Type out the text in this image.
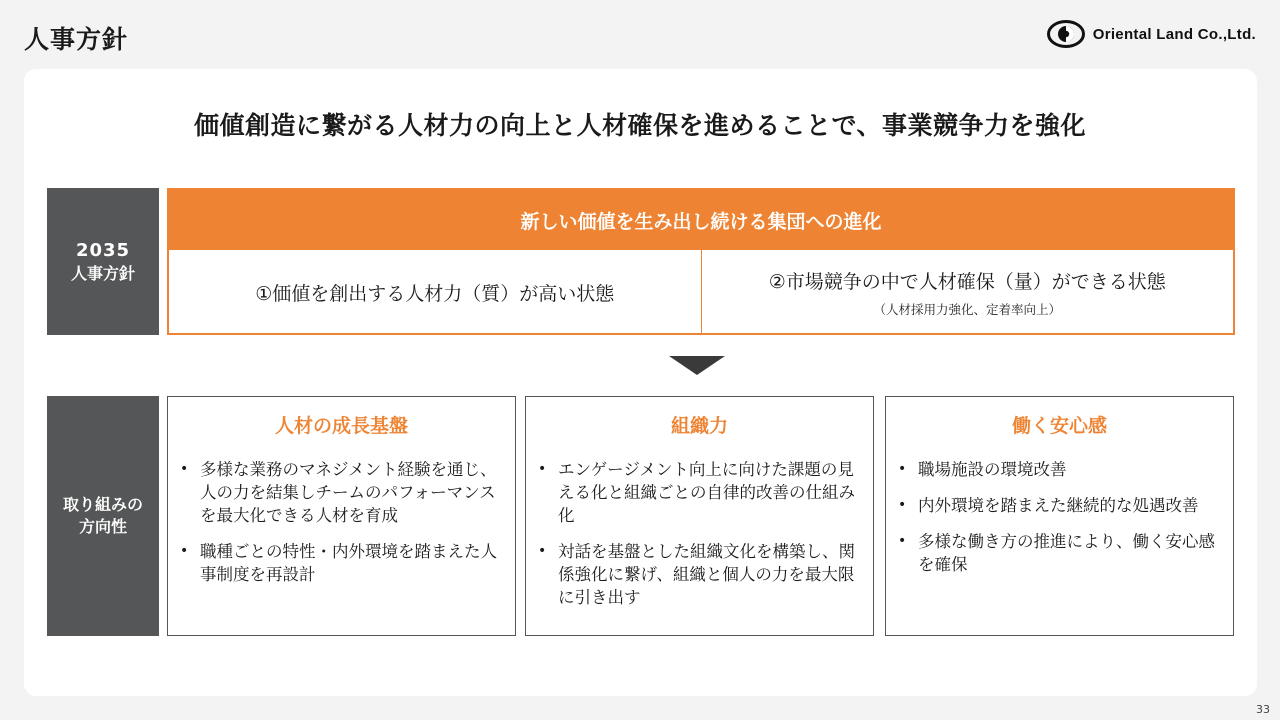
人事方針	Oriental Land Co.,Ltd.
価値創造に繋がる人材力の向上と人材確保を進めることで、事業競争力を強化
2035
人事方針
新しい価値を生み出し続ける集団への進化
①価値を創出する人材力（質）が高い状態
②市場競争の中で人材確保（量）ができる状態
（人材採用力強化、定着率向上）
取り組みの
方向性
人材の成長基盤
• 多様な業務のマネジメント経験を通じ、人の力を結集しチームのパフォーマンスを最大化できる人材を育成
• 職種ごとの特性・内外環境を踏まえた人事制度を再設計
組織力
• エンゲージメント向上に向けた課題の見える化と組織ごとの自律的改善の仕組み化
• 対話を基盤とした組織文化を構築し、関係強化に繋げ、組織と個人の力を最大限に引き出す
働く安心感
• 職場施設の環境改善
• 内外環境を踏まえた継続的な処遇改善
• 多様な働き方の推進により、働く安心感を確保
33
